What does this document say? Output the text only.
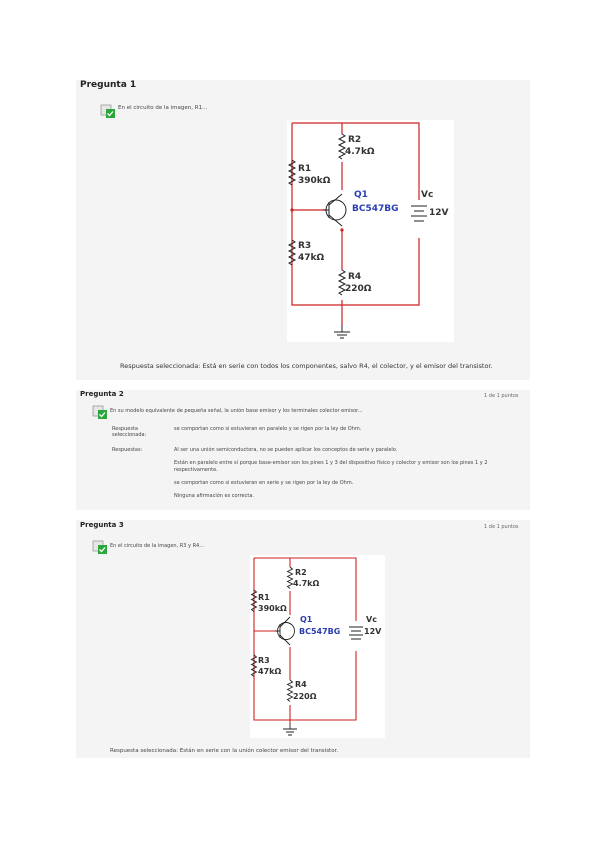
Pregunta 1
En el circuito de la imagen, R1...
R2
4.7kΩ
R1
390kΩ
Q1
BC547BG
Vc
12V
R3
47kΩ
R4
220Ω
Respuesta seleccionada: Está en serie con todos los componentes, salvo R4, el colector, y el emisor del transistor.
Pregunta 2	1 de 1 puntos
En su modelo equivalente de pequeña señal, la unión base emisor y los terminales colector emisor...
Respuesta seleccionada:
se comportan como si estuvieran en paralelo y se rigen por la ley de Ohm.
Respuestas:	Al ser una unión semiconductora, no se pueden aplicar los conceptos de serie y paralelo.
Están en paralelo entre sí porque base-emisor son los pines 1 y 3 del dispositivo físico y colector y emisor son los pines 1 y 2 respectivamente.
se comportan como si estuvieran en serie y se rigen por la ley de Ohm.
Ninguna afirmación es correcta.
Pregunta 3	1 de 1 puntos
En el circuito de la imagen, R3 y R4...
R2
4.7kΩ
R1
390kΩ
Q1
BC547BG
Vc
12V
R3
47kΩ
R4
220Ω
Respuesta seleccionada: Están en serie con la unión colector emisor del transistor.
